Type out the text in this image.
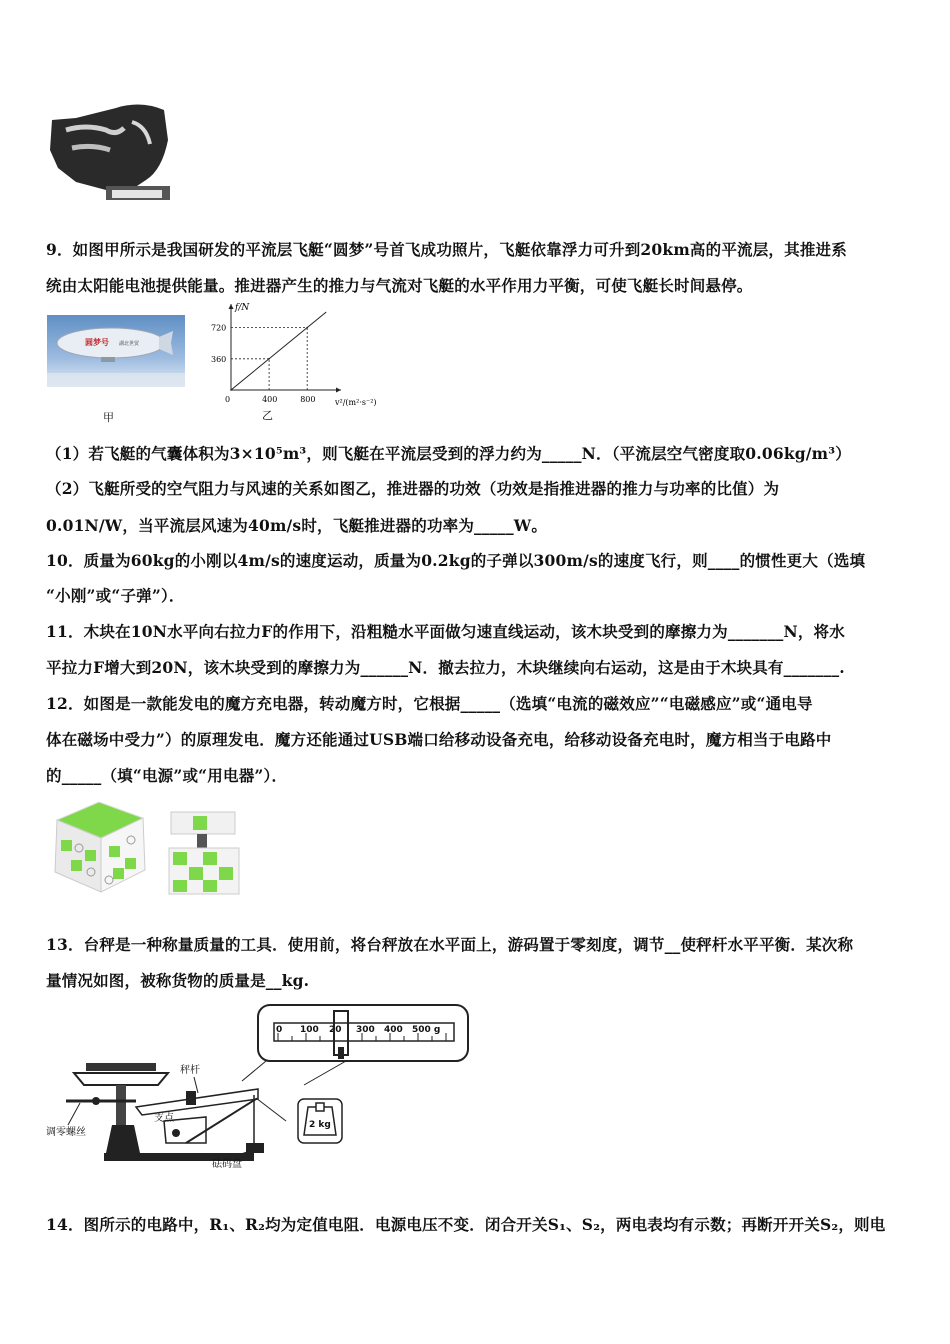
9．如图甲所示是我国研发的平流层飞艇“圆梦”号首飞成功照片，飞艇依靠浮力可升到20km高的平流层，其推进系
统由太阳能电池提供能量。推进器产生的推力与气流对飞艇的水平作用力平衡，可使飞艇长时间悬停。
圆梦号 湖北世贸
甲
f/N
v²/(m²·s⁻²)
0	400	800
360
720
乙
（1）若飞艇的气囊体积为3×10⁵m³，则飞艇在平流层受到的浮力约为_____N．（平流层空气密度取0.06kg/m³）
（2）飞艇所受的空气阻力与风速的关系如图乙，推进器的功效（功效是指推进器的推力与功率的比值）为
0.01N/W，当平流层风速为40m/s时，飞艇推进器的功率为_____W。
10．质量为60kg的小刚以4m/s的速度运动，质量为0.2kg的子弹以300m/s的速度飞行，则____的惯性更大（选填
“小刚”或“子弹”）．
11．木块在10N水平向右拉力F的作用下，沿粗糙水平面做匀速直线运动，该木块受到的摩擦力为_______N，将水
平拉力F增大到20N，该木块受到的摩擦力为______N．撤去拉力，木块继续向右运动，这是由于木块具有_______.
12．如图是一款能发电的魔方充电器，转动魔方时，它根据_____（选填“电流的磁效应”“电磁感应”或“通电导
体在磁场中受力”）的原理发电．魔方还能通过USB端口给移动设备充电，给移动设备充电时，魔方相当于电路中
的_____（填“电源”或“用电器”）．
13．台秤是一种称量质量的工具．使用前，将台秤放在水平面上，游码置于零刻度，调节__使秤杆水平平衡．某次称
量情况如图，被称货物的质量是__kg.
0 100 20 300 400 500 g
2 kg
秤杆
支点
调零螺丝
砝码盘
14．图所示的电路中，R₁、R₂均为定值电阻．电源电压不变．闭合开关S₁、S₂，两电表均有示数；再断开开关S₂，则电
